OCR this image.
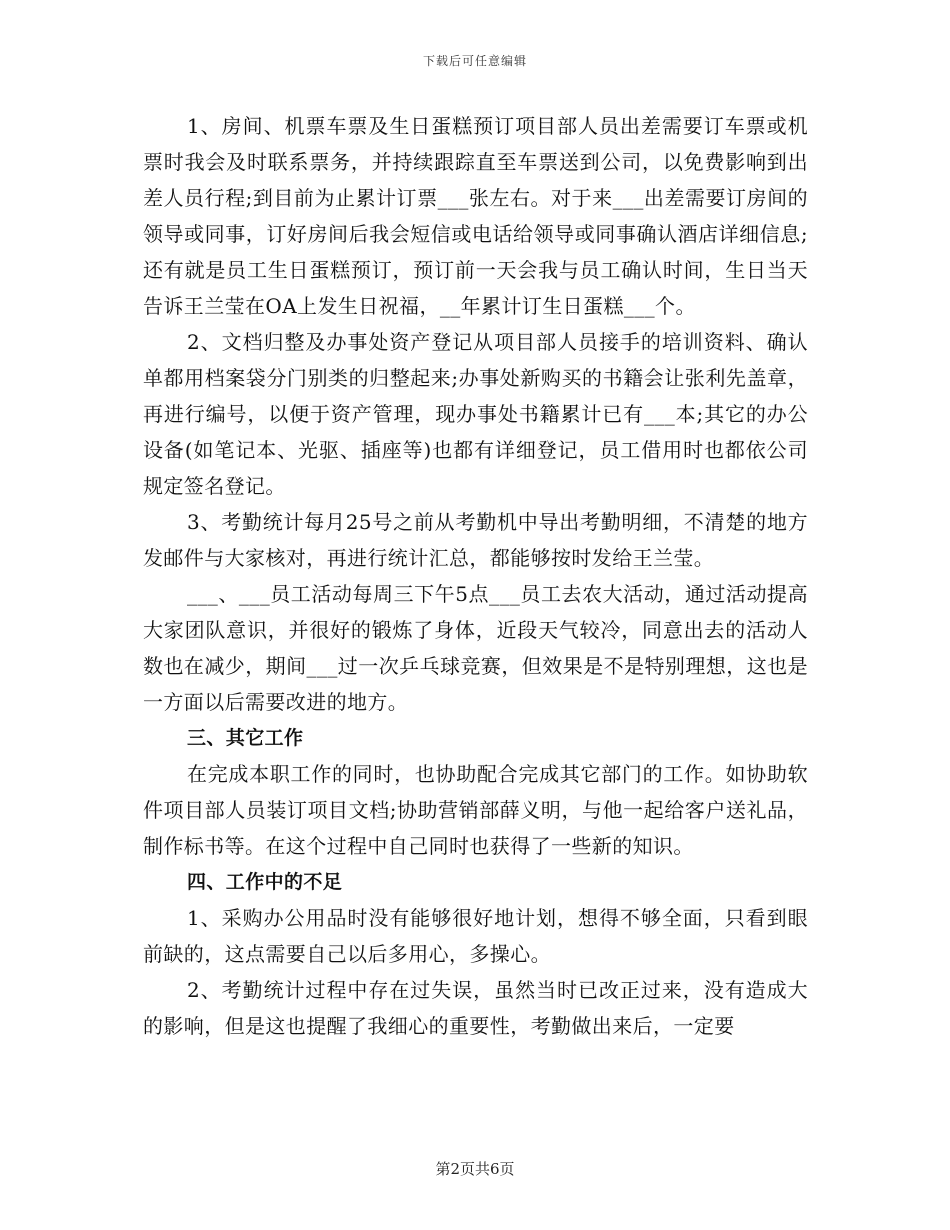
下载后可任意编辑

1、房间、机票车票及生日蛋糕预订项目部人员出差需要订车票或机票时我会及时联系票务，并持续跟踪直至车票送到公司，以免费影响到出差人员行程;到目前为止累计订票___张左右。对于来___出差需要订房间的领导或同事，订好房间后我会短信或电话给领导或同事确认酒店详细信息;还有就是员工生日蛋糕预订，预订前一天会我与员工确认时间，生日当天告诉王兰莹在OA上发生日祝福，__年累计订生日蛋糕___个。

2、文档归整及办事处资产登记从项目部人员接手的培训资料、确认单都用档案袋分门别类的归整起来;办事处新购买的书籍会让张利先盖章，再进行编号，以便于资产管理，现办事处书籍累计已有___本;其它的办公设备(如笔记本、光驱、插座等)也都有详细登记，员工借用时也都依公司规定签名登记。

3、考勤统计每月25号之前从考勤机中导出考勤明细，不清楚的地方发邮件与大家核对，再进行统计汇总，都能够按时发给王兰莹。

___、___员工活动每周三下午5点___员工去农大活动，通过活动提高大家团队意识，并很好的锻炼了身体，近段天气较冷，同意出去的活动人数也在减少，期间___过一次乒乓球竞赛，但效果是不是特别理想，这也是一方面以后需要改进的地方。

三、其它工作

在完成本职工作的同时，也协助配合完成其它部门的工作。如协助软件项目部人员装订项目文档;协助营销部薛义明，与他一起给客户送礼品，制作标书等。在这个过程中自己同时也获得了一些新的知识。

四、工作中的不足

1、采购办公用品时没有能够很好地计划，想得不够全面，只看到眼前缺的，这点需要自己以后多用心，多操心。

2、考勤统计过程中存在过失误，虽然当时已改正过来，没有造成大的影响，但是这也提醒了我细心的重要性，考勤做出来后，一定要

第2页共6页
